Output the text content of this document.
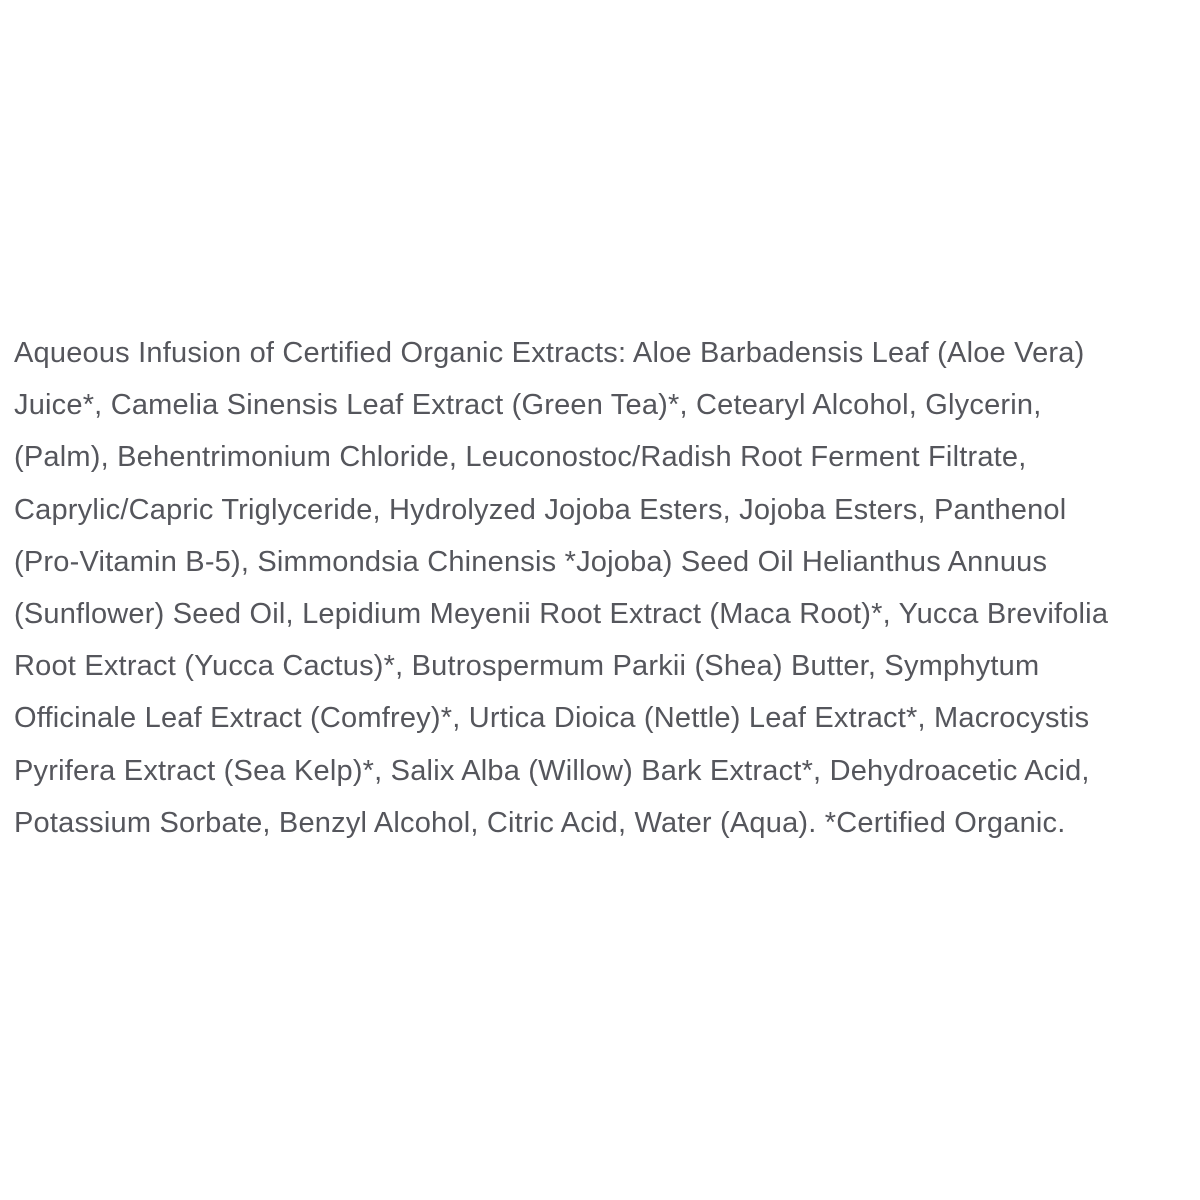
Aqueous Infusion of Certified Organic Extracts: Aloe Barbadensis Leaf (Aloe Vera)
Juice*, Camelia Sinensis Leaf Extract (Green Tea)*, Cetearyl Alcohol, Glycerin,
(Palm), Behentrimonium Chloride, Leuconostoc/Radish Root Ferment Filtrate,
Caprylic/Capric Triglyceride, Hydrolyzed Jojoba Esters, Jojoba Esters, Panthenol
(Pro-Vitamin B-5), Simmondsia Chinensis *Jojoba) Seed Oil Helianthus Annuus
(Sunflower) Seed Oil, Lepidium Meyenii Root Extract (Maca Root)*, Yucca Brevifolia
Root Extract (Yucca Cactus)*, Butrospermum Parkii (Shea) Butter, Symphytum
Officinale Leaf Extract (Comfrey)*, Urtica Dioica (Nettle) Leaf Extract*, Macrocystis
Pyrifera Extract (Sea Kelp)*, Salix Alba (Willow) Bark Extract*, Dehydroacetic Acid,
Potassium Sorbate, Benzyl Alcohol, Citric Acid, Water (Aqua). *Certified Organic.
